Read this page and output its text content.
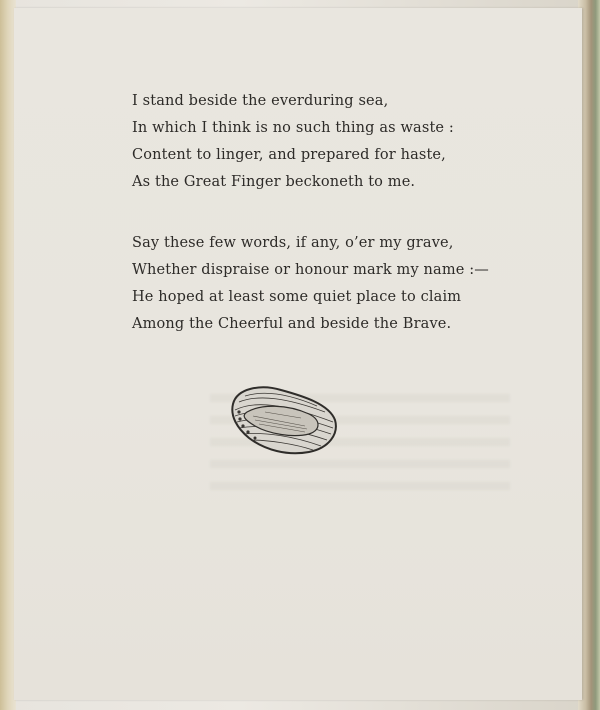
I stand beside the everduring sea,
In which I think is no such thing as waste :
Content to linger, and prepared for haste,
As the Great Finger beckoneth to me.
Say these few words, if any, o’er my grave,
Whether dispraise or honour mark my name :—
He hoped at least some quiet place to claim
Among the Cheerful and beside the Brave.
